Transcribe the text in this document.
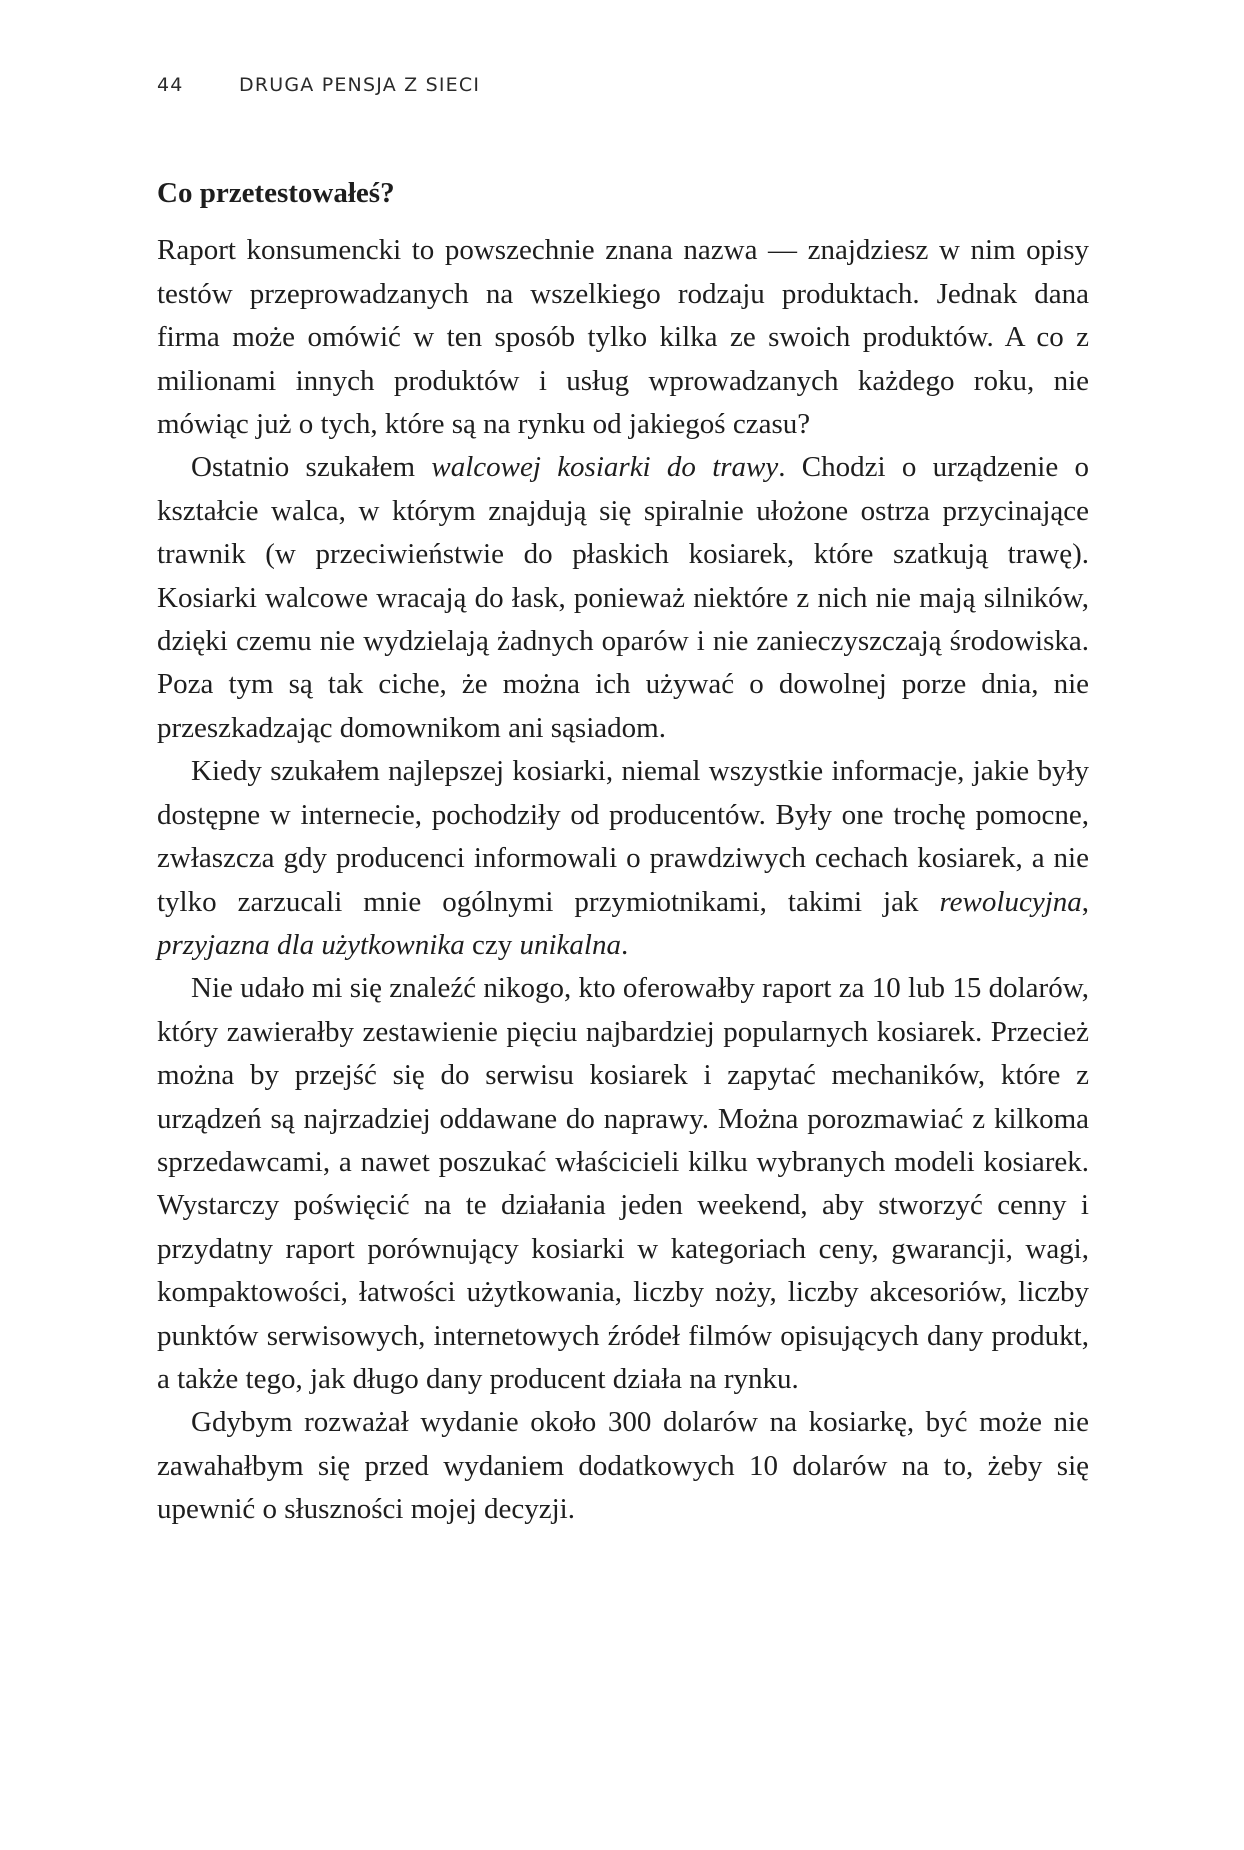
44	DRUGA PENSJA Z SIECI
Co przetestowałeś?

Raport konsumencki to powszechnie znana nazwa — znajdziesz w nim opisy testów przeprowadzanych na wszelkiego rodzaju produktach. Jednak dana firma może omówić w ten sposób tylko kilka ze swoich produktów. A co z milionami innych produktów i usług wprowadzanych każdego roku, nie mówiąc już o tych, które są na rynku od jakiegoś czasu?

Ostatnio szukałem walcowej kosiarki do trawy. Chodzi o urządzenie o kształcie walca, w którym znajdują się spiralnie ułożone ostrza przycinające trawnik (w przeciwieństwie do płaskich kosiarek, które szatkują trawę). Kosiarki walcowe wracają do łask, ponieważ niektóre z nich nie mają silników, dzięki czemu nie wydzielają żadnych oparów i nie zanieczyszczają środowiska. Poza tym są tak ciche, że można ich używać o dowolnej porze dnia, nie przeszkadzając domownikom ani sąsiadom.

Kiedy szukałem najlepszej kosiarki, niemal wszystkie informacje, jakie były dostępne w internecie, pochodziły od producentów. Były one trochę pomocne, zwłaszcza gdy producenci informowali o prawdziwych cechach kosiarek, a nie tylko zarzucali mnie ogólnymi przymiotnikami, takimi jak rewolucyjna, przyjazna dla użytkownika czy unikalna.

Nie udało mi się znaleźć nikogo, kto oferowałby raport za 10 lub 15 dolarów, który zawierałby zestawienie pięciu najbardziej popularnych kosiarek. Przecież można by przejść się do serwisu kosiarek i zapytać mechaników, które z urządzeń są najrzadziej oddawane do naprawy. Można porozmawiać z kilkoma sprzedawcami, a nawet poszukać właścicieli kilku wybranych modeli kosiarek. Wystarczy poświęcić na te działania jeden weekend, aby stworzyć cenny i przydatny raport porównujący kosiarki w kategoriach ceny, gwarancji, wagi, kompaktowości, łatwości użytkowania, liczby noży, liczby akcesoriów, liczby punktów serwisowych, internetowych źródeł filmów opisujących dany produkt, a także tego, jak długo dany producent działa na rynku.

Gdybym rozważał wydanie około 300 dolarów na kosiarkę, być może nie zawahałbym się przed wydaniem dodatkowych 10 dolarów na to, żeby się upewnić o słuszności mojej decyzji.
